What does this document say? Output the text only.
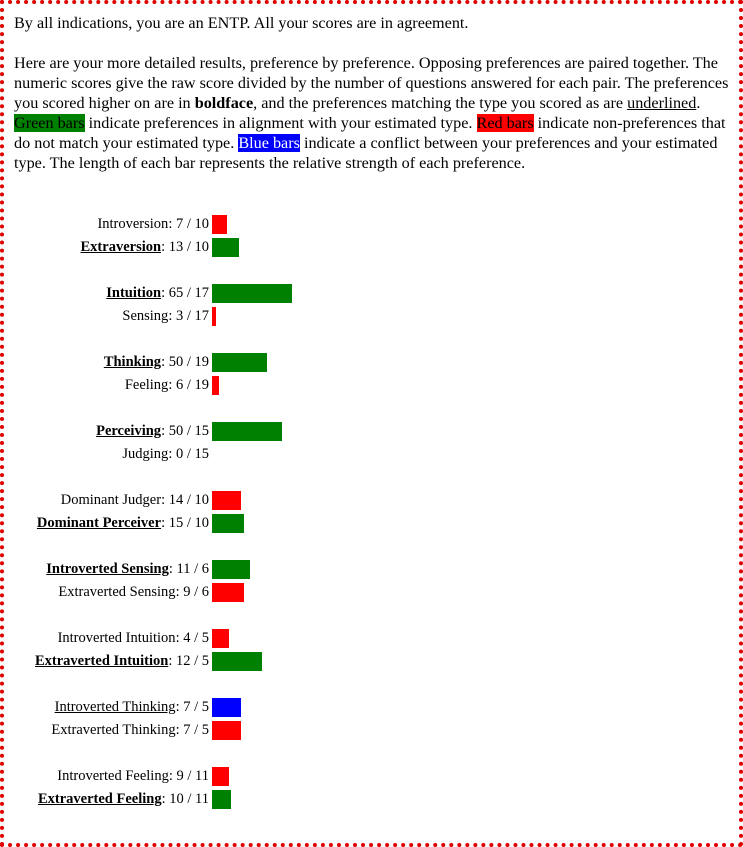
By all indications, you are an ENTP. All your scores are in agreement.

Here are your more detailed results, preference by preference. Opposing preferences are paired together. The numeric scores give the raw score divided by the number of questions answered for each pair. The preferences you scored higher on are in boldface, and the preferences matching the type you scored as are underlined. Green bars indicate preferences in alignment with your estimated type. Red bars indicate non-preferences that do not match your estimated type. Blue bars indicate a conflict between your preferences and your estimated type. The length of each bar represents the relative strength of each preference.

Introversion: 7 / 10
Extraversion: 13 / 10
Intuition: 65 / 17
Sensing: 3 / 17
Thinking: 50 / 19
Feeling: 6 / 19
Perceiving: 50 / 15
Judging: 0 / 15
Dominant Judger: 14 / 10
Dominant Perceiver: 15 / 10
Introverted Sensing: 11 / 6
Extraverted Sensing: 9 / 6
Introverted Intuition: 4 / 5
Extraverted Intuition: 12 / 5
Introverted Thinking: 7 / 5
Extraverted Thinking: 7 / 5
Introverted Feeling: 9 / 11
Extraverted Feeling: 10 / 11
